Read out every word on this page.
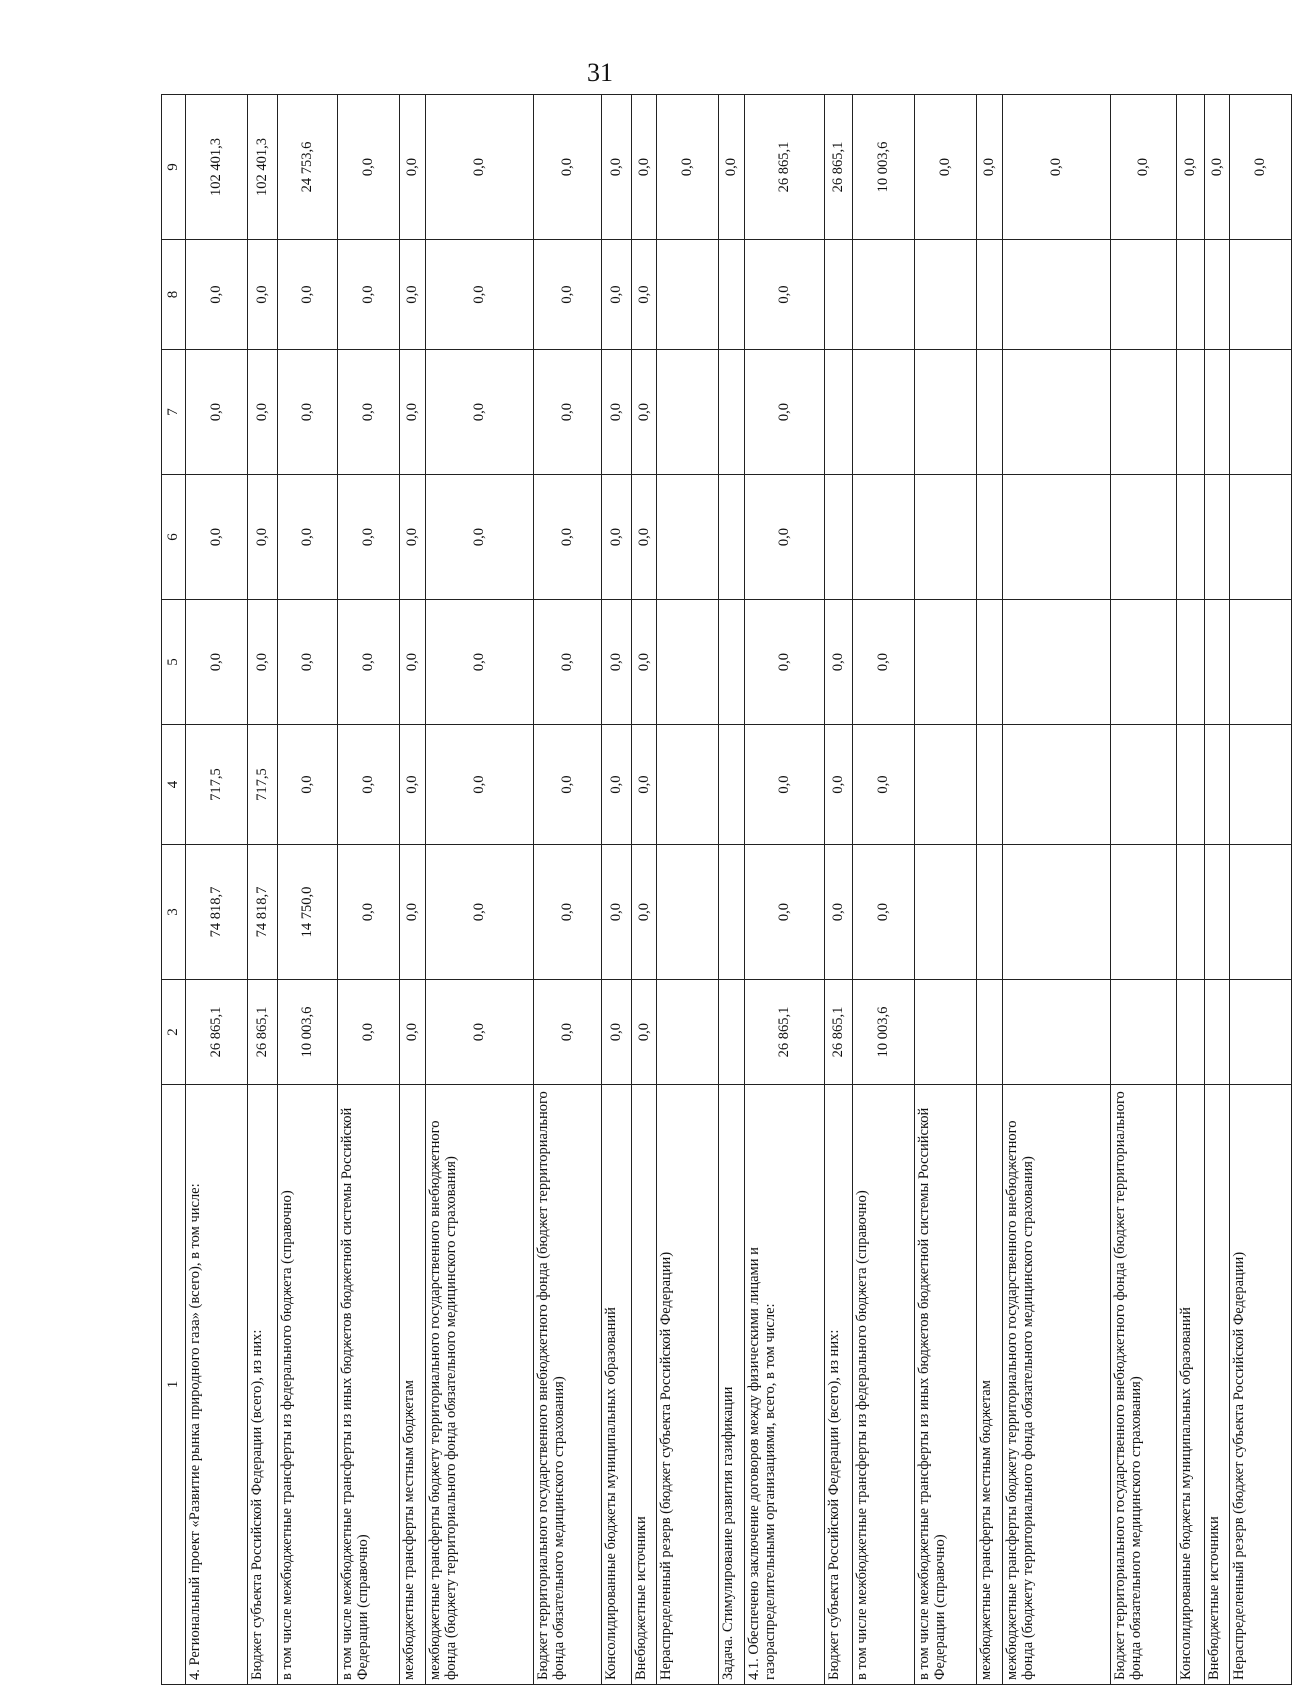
31
1	2	3	4	5	6	7	8	9
4. Региональный проект «Развитие рынка природного газа» (всего), в том числе:	26 865,1	74 818,7	717,5	0,0	0,0	0,0	0,0	102 401,3
Бюджет субъекта Российской Федерации (всего), из них:	26 865,1	74 818,7	717,5	0,0	0,0	0,0	0,0	102 401,3
в том числе межбюджетные трансферты из федерального бюджета (справочно)	10 003,6	14 750,0	0,0	0,0	0,0	0,0	0,0	24 753,6
в том числе межбюджетные трансферты из иных бюджетов бюджетной системы Российской Федерации (справочно)	0,0	0,0	0,0	0,0	0,0	0,0	0,0	0,0
межбюджетные трансферты местным бюджетам	0,0	0,0	0,0	0,0	0,0	0,0	0,0	0,0
межбюджетные трансферты бюджету территориального государственного внебюджетного фонда (бюджету территориального фонда обязательного медицинского страхования)	0,0	0,0	0,0	0,0	0,0	0,0	0,0	0,0
Бюджет территориального государственного внебюджетного фонда (бюджет территориального фонда обязательного медицинского страхования)	0,0	0,0	0,0	0,0	0,0	0,0	0,0	0,0
Консолидированные бюджеты муниципальных образований	0,0	0,0	0,0	0,0	0,0	0,0	0,0	0,0
Внебюджетные источники	0,0	0,0	0,0	0,0	0,0	0,0	0,0	0,0
Нераспределенный резерв (бюджет субъекта Российской Федерации)								0,0
Задача. Стимулирование развития газификации								0,0
4.1. Обеспечено заключение договоров между физическими лицами и газораспределительными организациями, всего, в том числе:	26 865,1	0,0	0,0	0,0	0,0	0,0	0,0	26 865,1
Бюджет субъекта Российской Федерации (всего), из них:	26 865,1	0,0	0,0	0,0				26 865,1
в том числе межбюджетные трансферты из федерального бюджета (справочно)	10 003,6	0,0	0,0	0,0				10 003,6
в том числе межбюджетные трансферты из иных бюджетов бюджетной системы Российской Федерации (справочно)								0,0
межбюджетные трансферты местным бюджетам								0,0
межбюджетные трансферты бюджету территориального государственного внебюджетного фонда (бюджету территориального фонда обязательного медицинского страхования)								0,0
Бюджет территориального государственного внебюджетного фонда (бюджет территориального фонда обязательного медицинского страхования)								0,0
Консолидированные бюджеты муниципальных образований								0,0
Внебюджетные источники								0,0
Нераспределенный резерв (бюджет субъекта Российской Федерации)								0,0
